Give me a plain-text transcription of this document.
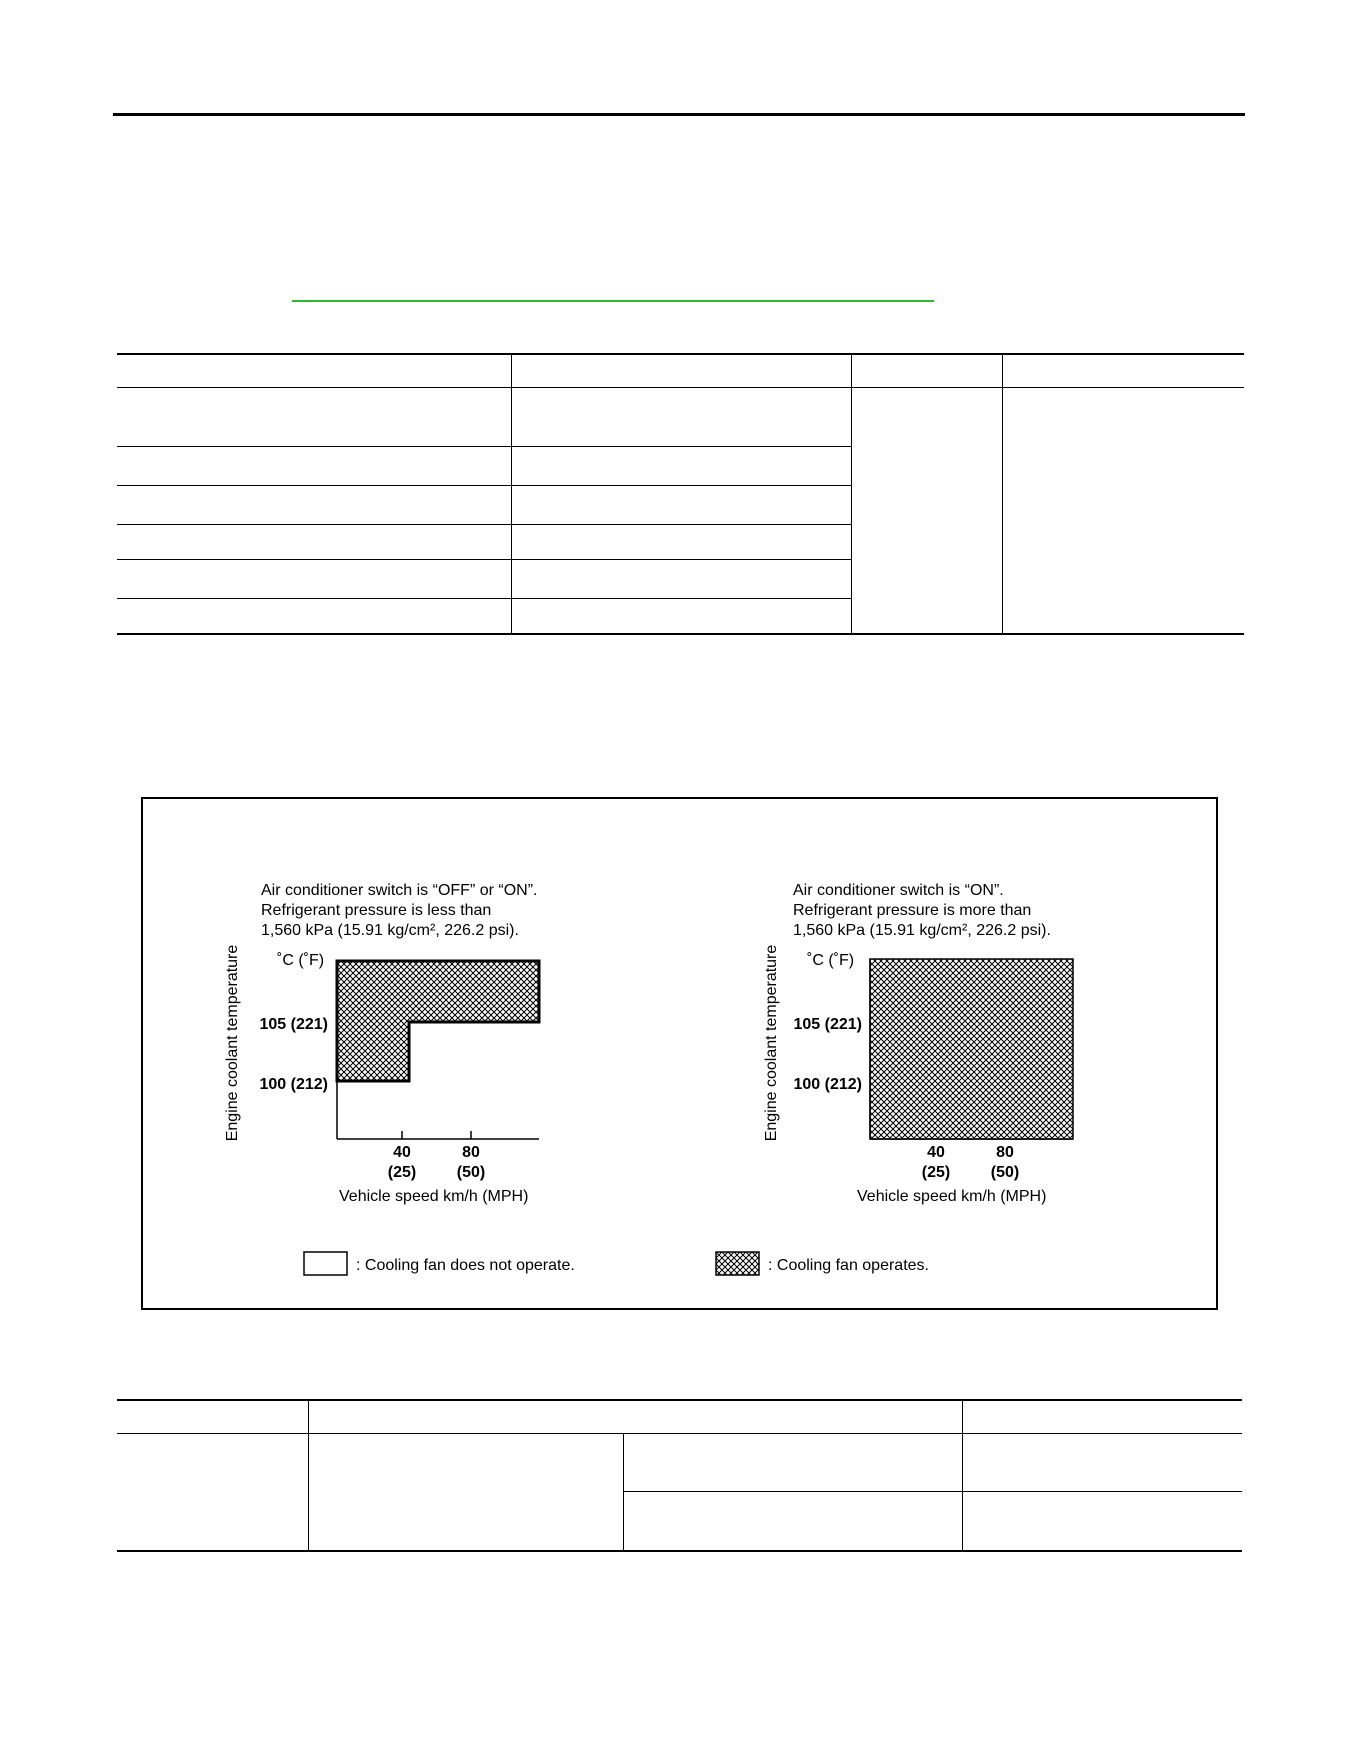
Air conditioner switch is “OFF” or “ON”.
Refrigerant pressure is less than
1,560 kPa (15.91 kg/cm², 226.2 psi).
˚C (˚F)
Engine coolant temperature 105 (221)
100 (212)
40
(25)
80
(50)
Vehicle speed km/h (MPH)
Air conditioner switch is “ON”.
Refrigerant pressure is more than
1,560 kPa (15.91 kg/cm², 226.2 psi).
˚C (˚F)
Engine coolant temperature 105 (221)
100 (212)
40
(25)
80
(50)
Vehicle speed km/h (MPH)
: Cooling fan does not operate.	: Cooling fan operates.
